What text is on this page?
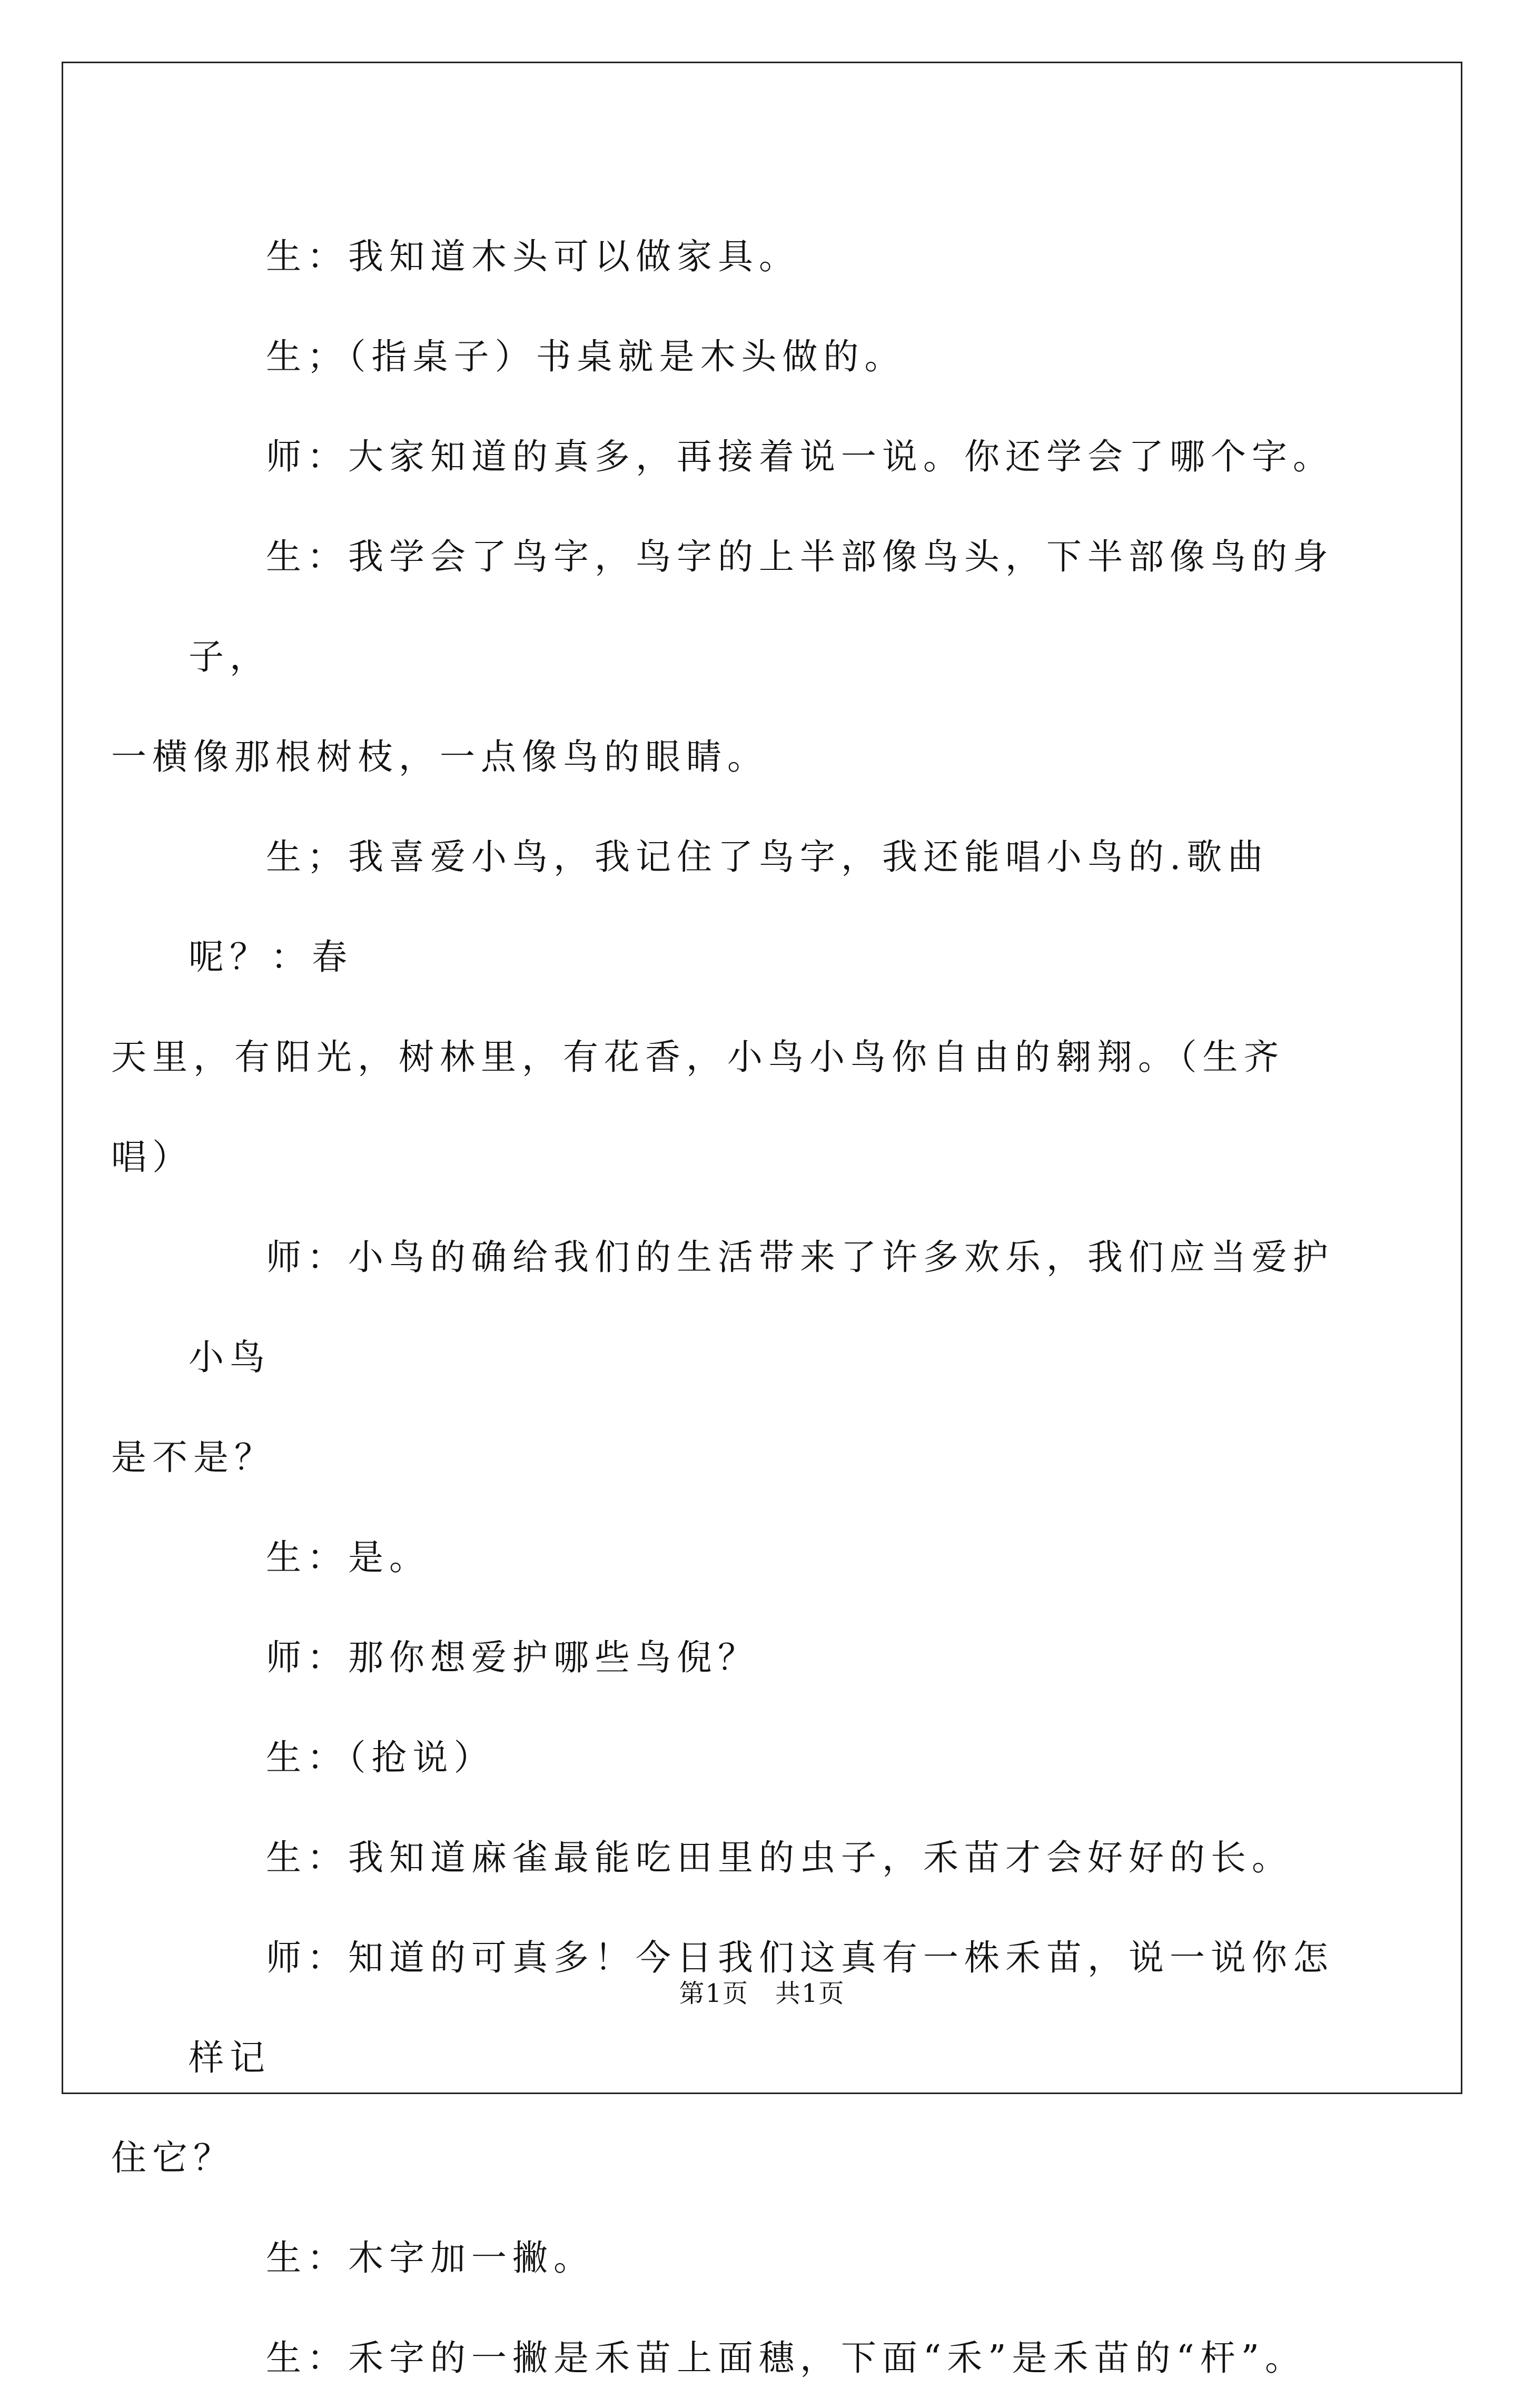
生：我知道木头可以做家具。

生；（指桌子）书桌就是木头做的。

师：大家知道的真多，再接着说一说。你还学会了哪个字。

生：我学会了鸟字，鸟字的上半部像鸟头，下半部像鸟的身子，
一横像那根树枝，一点像鸟的眼睛。

生；我喜爱小鸟，我记住了鸟字，我还能唱小鸟的.歌曲呢？：春
天里，有阳光，树林里，有花香，小鸟小鸟你自由的翱翔。（生齐唱）

师：小鸟的确给我们的生活带来了许多欢乐，我们应当爱护小鸟
是不是？

生：是。

师：那你想爱护哪些鸟倪？

生：（抢说）

生：我知道麻雀最能吃田里的虫子，禾苗才会好好的长。

师：知道的可真多！今日我们这真有一株禾苗，说一说你怎样记
住它？

生：木字加一撇。

生：禾字的一撇是禾苗上面穗，下面“禾”是禾苗的“杆”。

第1页　共1页
